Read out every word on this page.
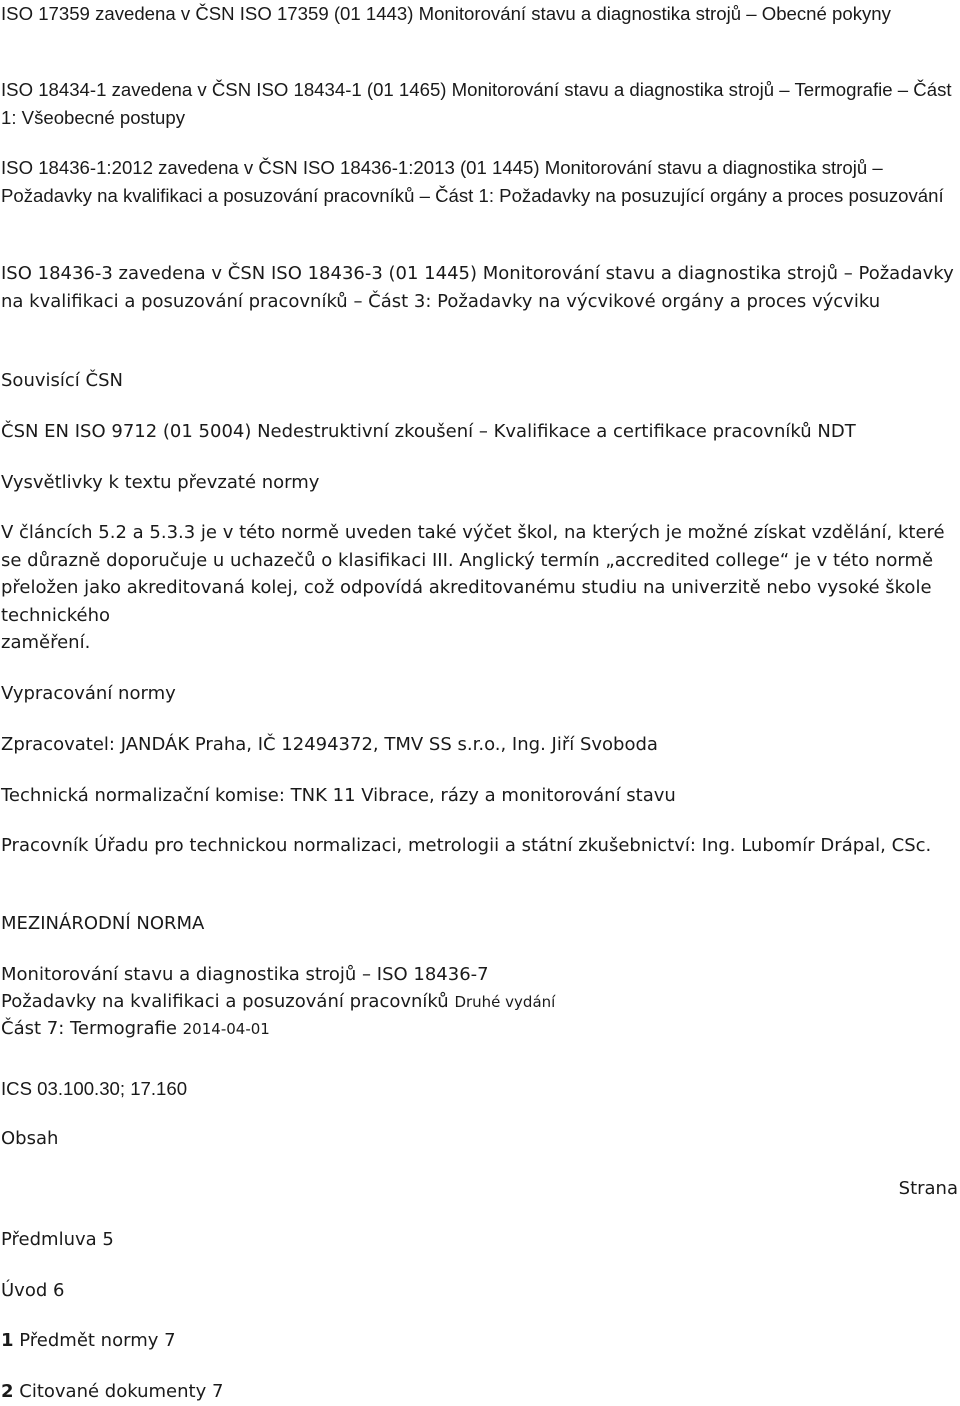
ISO 17359 zavedena v ČSN ISO 17359 (01 1443) Monitorování stavu a diagnostika strojů – Obecné pokyny

ISO 18434-1 zavedena v ČSN ISO 18434-1 (01 1465) Monitorování stavu a diagnostika strojů – Termografie – Část 1: Všeobecné postupy

ISO 18436-1:2012 zavedena v ČSN ISO 18436-1:2013 (01 1445) Monitorování stavu a diagnostika strojů – Požadavky na kvalifikaci a posuzování pracovníků – Část 1: Požadavky na posuzující orgány a proces posuzování

ISO 18436-3 zavedena v ČSN ISO 18436-3 (01 1445) Monitorování stavu a diagnostika strojů – Požadavky na kvalifikaci a posuzování pracovníků – Část 3: Požadavky na výcvikové orgány a proces výcviku

Souvisící ČSN

ČSN EN ISO 9712 (01 5004) Nedestruktivní zkoušení – Kvalifikace a certifikace pracovníků NDT

Vysvětlivky k textu převzaté normy

V článcích 5.2 a 5.3.3 je v této normě uveden také výčet škol, na kterých je možné získat vzdělání, které se důrazně doporučuje u uchazečů o klasifikaci III. Anglický termín „accredited college“ je v této normě přeložen jako akreditovaná kolej, což odpovídá akreditovanému studiu na univerzitě nebo vysoké škole technického

zaměření.

Vypracování normy

Zpracovatel: JANDÁK Praha, IČ 12494372, TMV SS s.r.o., Ing. Jiří Svoboda

Technická normalizační komise: TNK 11 Vibrace, rázy a monitorování stavu

Pracovník Úřadu pro technickou normalizaci, metrologii a státní zkušebnictví: Ing. Lubomír Drápal, CSc.

MEZINÁRODNÍ NORMA

Monitorování stavu a diagnostika strojů – ISO 18436-7

Požadavky na kvalifikaci a posuzování pracovníků Druhé vydání

Část 7: Termografie 2014-04-01

ICS 03.100.30; 17.160

Obsah

Strana

Předmluva 5

Úvod 6

1 Předmět normy 7

2 Citované dokumenty 7
